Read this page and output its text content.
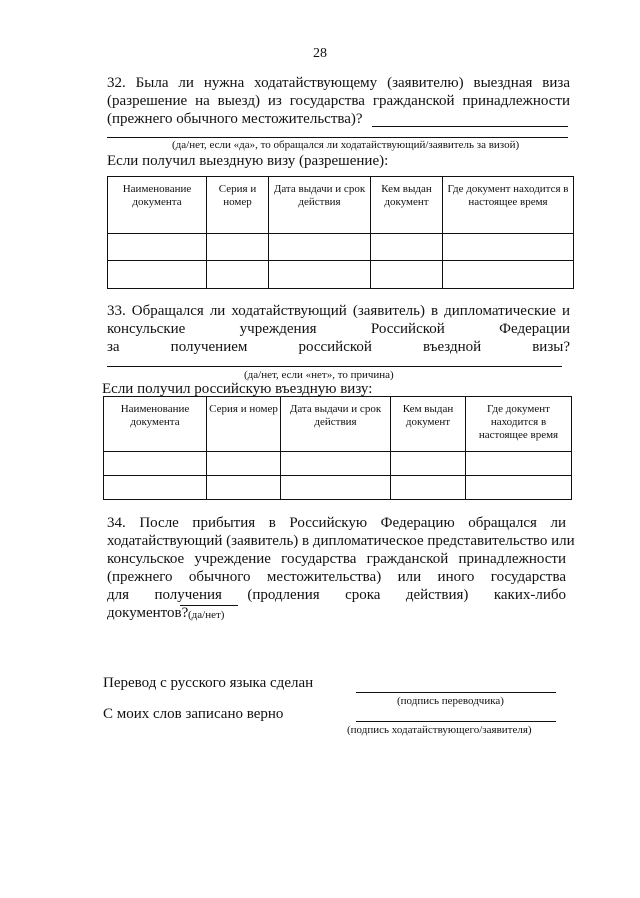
28
32. Была ли нужна ходатайствующему (заявителю) выездная виза
(разрешение на выезд) из государства гражданской принадлежности
(прежнего обычного местожительства)?
(да/нет, если «да», то обращался ли ходатайствующий/заявитель за визой)
Если получил выездную визу (разрешение):
Наименование документа	Серия и номер	Дата выдачи и срок действия	Кем выдан документ	Где документ находится в настоящее время

33. Обращался ли ходатайствующий (заявитель) в дипломатические и
консульские учреждения Российской Федерации
за получением российской въездной визы?
(да/нет, если «нет», то причина)
Если получил российскую въездную визу:
Наименование документа	Серия и номер	Дата выдачи и срок действия	Кем выдан документ	Где документ находится в настоящее время

34. После прибытия в Российскую Федерацию обращался ли
ходатайствующий (заявитель) в дипломатическое представительство или
консульское учреждение государства гражданской принадлежности
(прежнего обычного местожительства) или иного государства
для получения (продления срока действия) каких-либо
документов? (да/нет)
Перевод с русского языка сделан
(подпись переводчика)
С моих слов записано верно
(подпись ходатайствующего/заявителя)
